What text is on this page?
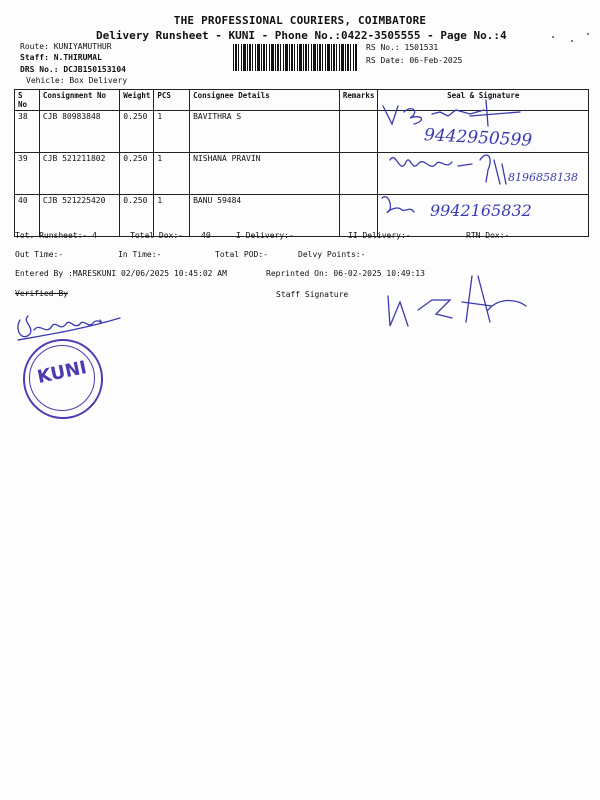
THE PROFESSIONAL COURIERS, COIMBATORE
Delivery Runsheet - KUNI - Phone No.:0422-3505555 - Page No.:4
Route: KUNIYAMUTHUR
Staff: N.THIRUMAL
DRS No.: DCJB150153104
Vehicle: Box Delivery
RS No.: 1501531
RS Date: 06-Feb-2025
S No	Consignment No	Weight	PCS	Consignee Details	Remarks	Seal & Signature
38	CJB 80983848	0.250	1	BAVITHRA S		
39	CJB 521211802	0.250	1	NISHANA PRAVIN		
40	CJB 521225420	0.250	1	BANU 59484		
9442950599
8196858138
9942165832
Tot. Runsheet:- 4	Total Dox:- 40	I Delivery:-	II Delivery:-	RTN Dox:-
Out Time:-	In Time:-	Total POD:-	Delvy Points:-
Entered By :MARESKUNI 02/06/2025 10:45:02 AM	Reprinted On: 06-02-2025 10:49:13
Verified By	Staff Signature
KUNI
